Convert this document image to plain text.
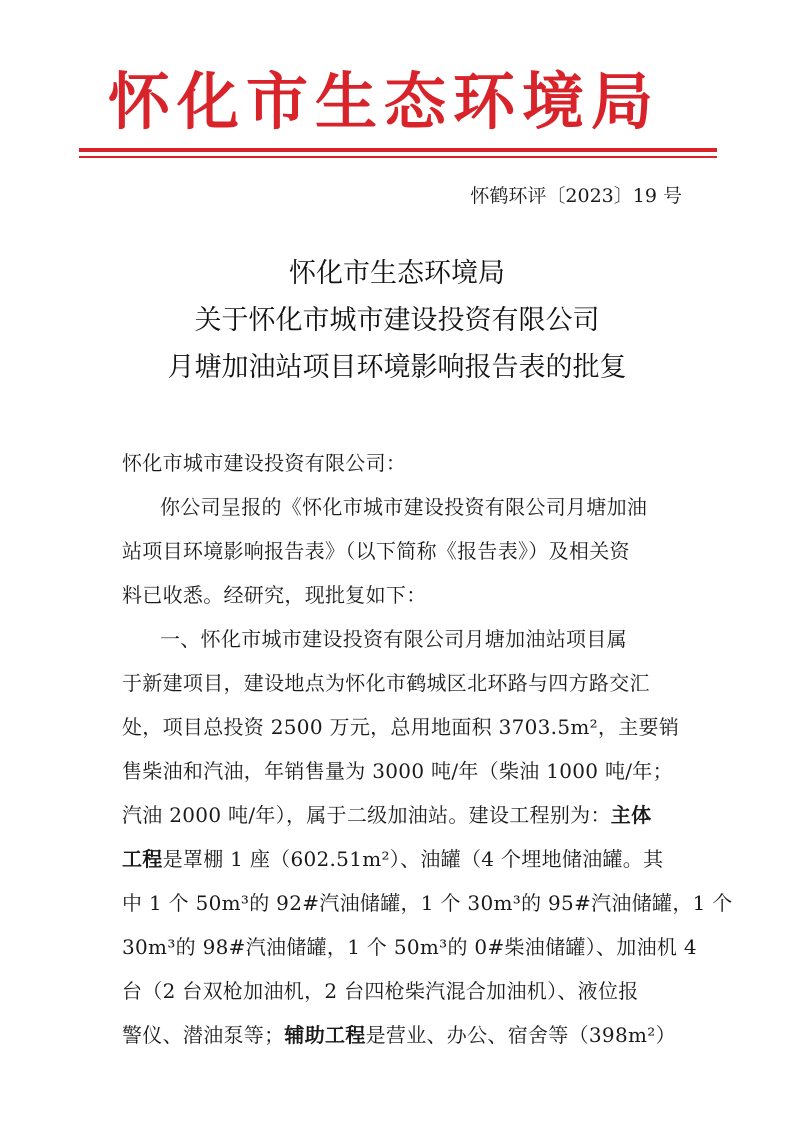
怀化市生态环境局
怀鹤环评〔2023〕19 号
怀化市生态环境局
关于怀化市城市建设投资有限公司
月塘加油站项目环境影响报告表的批复
怀化市城市建设投资有限公司：
你公司呈报的《怀化市城市建设投资有限公司月塘加油
站项目环境影响报告表》（以下简称《报告表》）及相关资
料已收悉。经研究，现批复如下：
一、怀化市城市建设投资有限公司月塘加油站项目属
于新建项目，建设地点为怀化市鹤城区北环路与四方路交汇
处，项目总投资 2500 万元，总用地面积 3703.5m²，主要销
售柴油和汽油，年销售量为 3000 吨/年（柴油 1000 吨/年；
汽油 2000 吨/年），属于二级加油站。建设工程别为：主体
工程是罩棚 1 座（602.51m²）、油罐（4 个埋地储油罐。其
中 1 个 50m³的 92#汽油储罐，1 个 30m³的 95#汽油储罐，1 个
30m³的 98#汽油储罐，1 个 50m³的 0#柴油储罐）、加油机 4
台（2 台双枪加油机，2 台四枪柴汽混合加油机）、液位报
警仪、潜油泵等；辅助工程是营业、办公、宿舍等（398m²）
